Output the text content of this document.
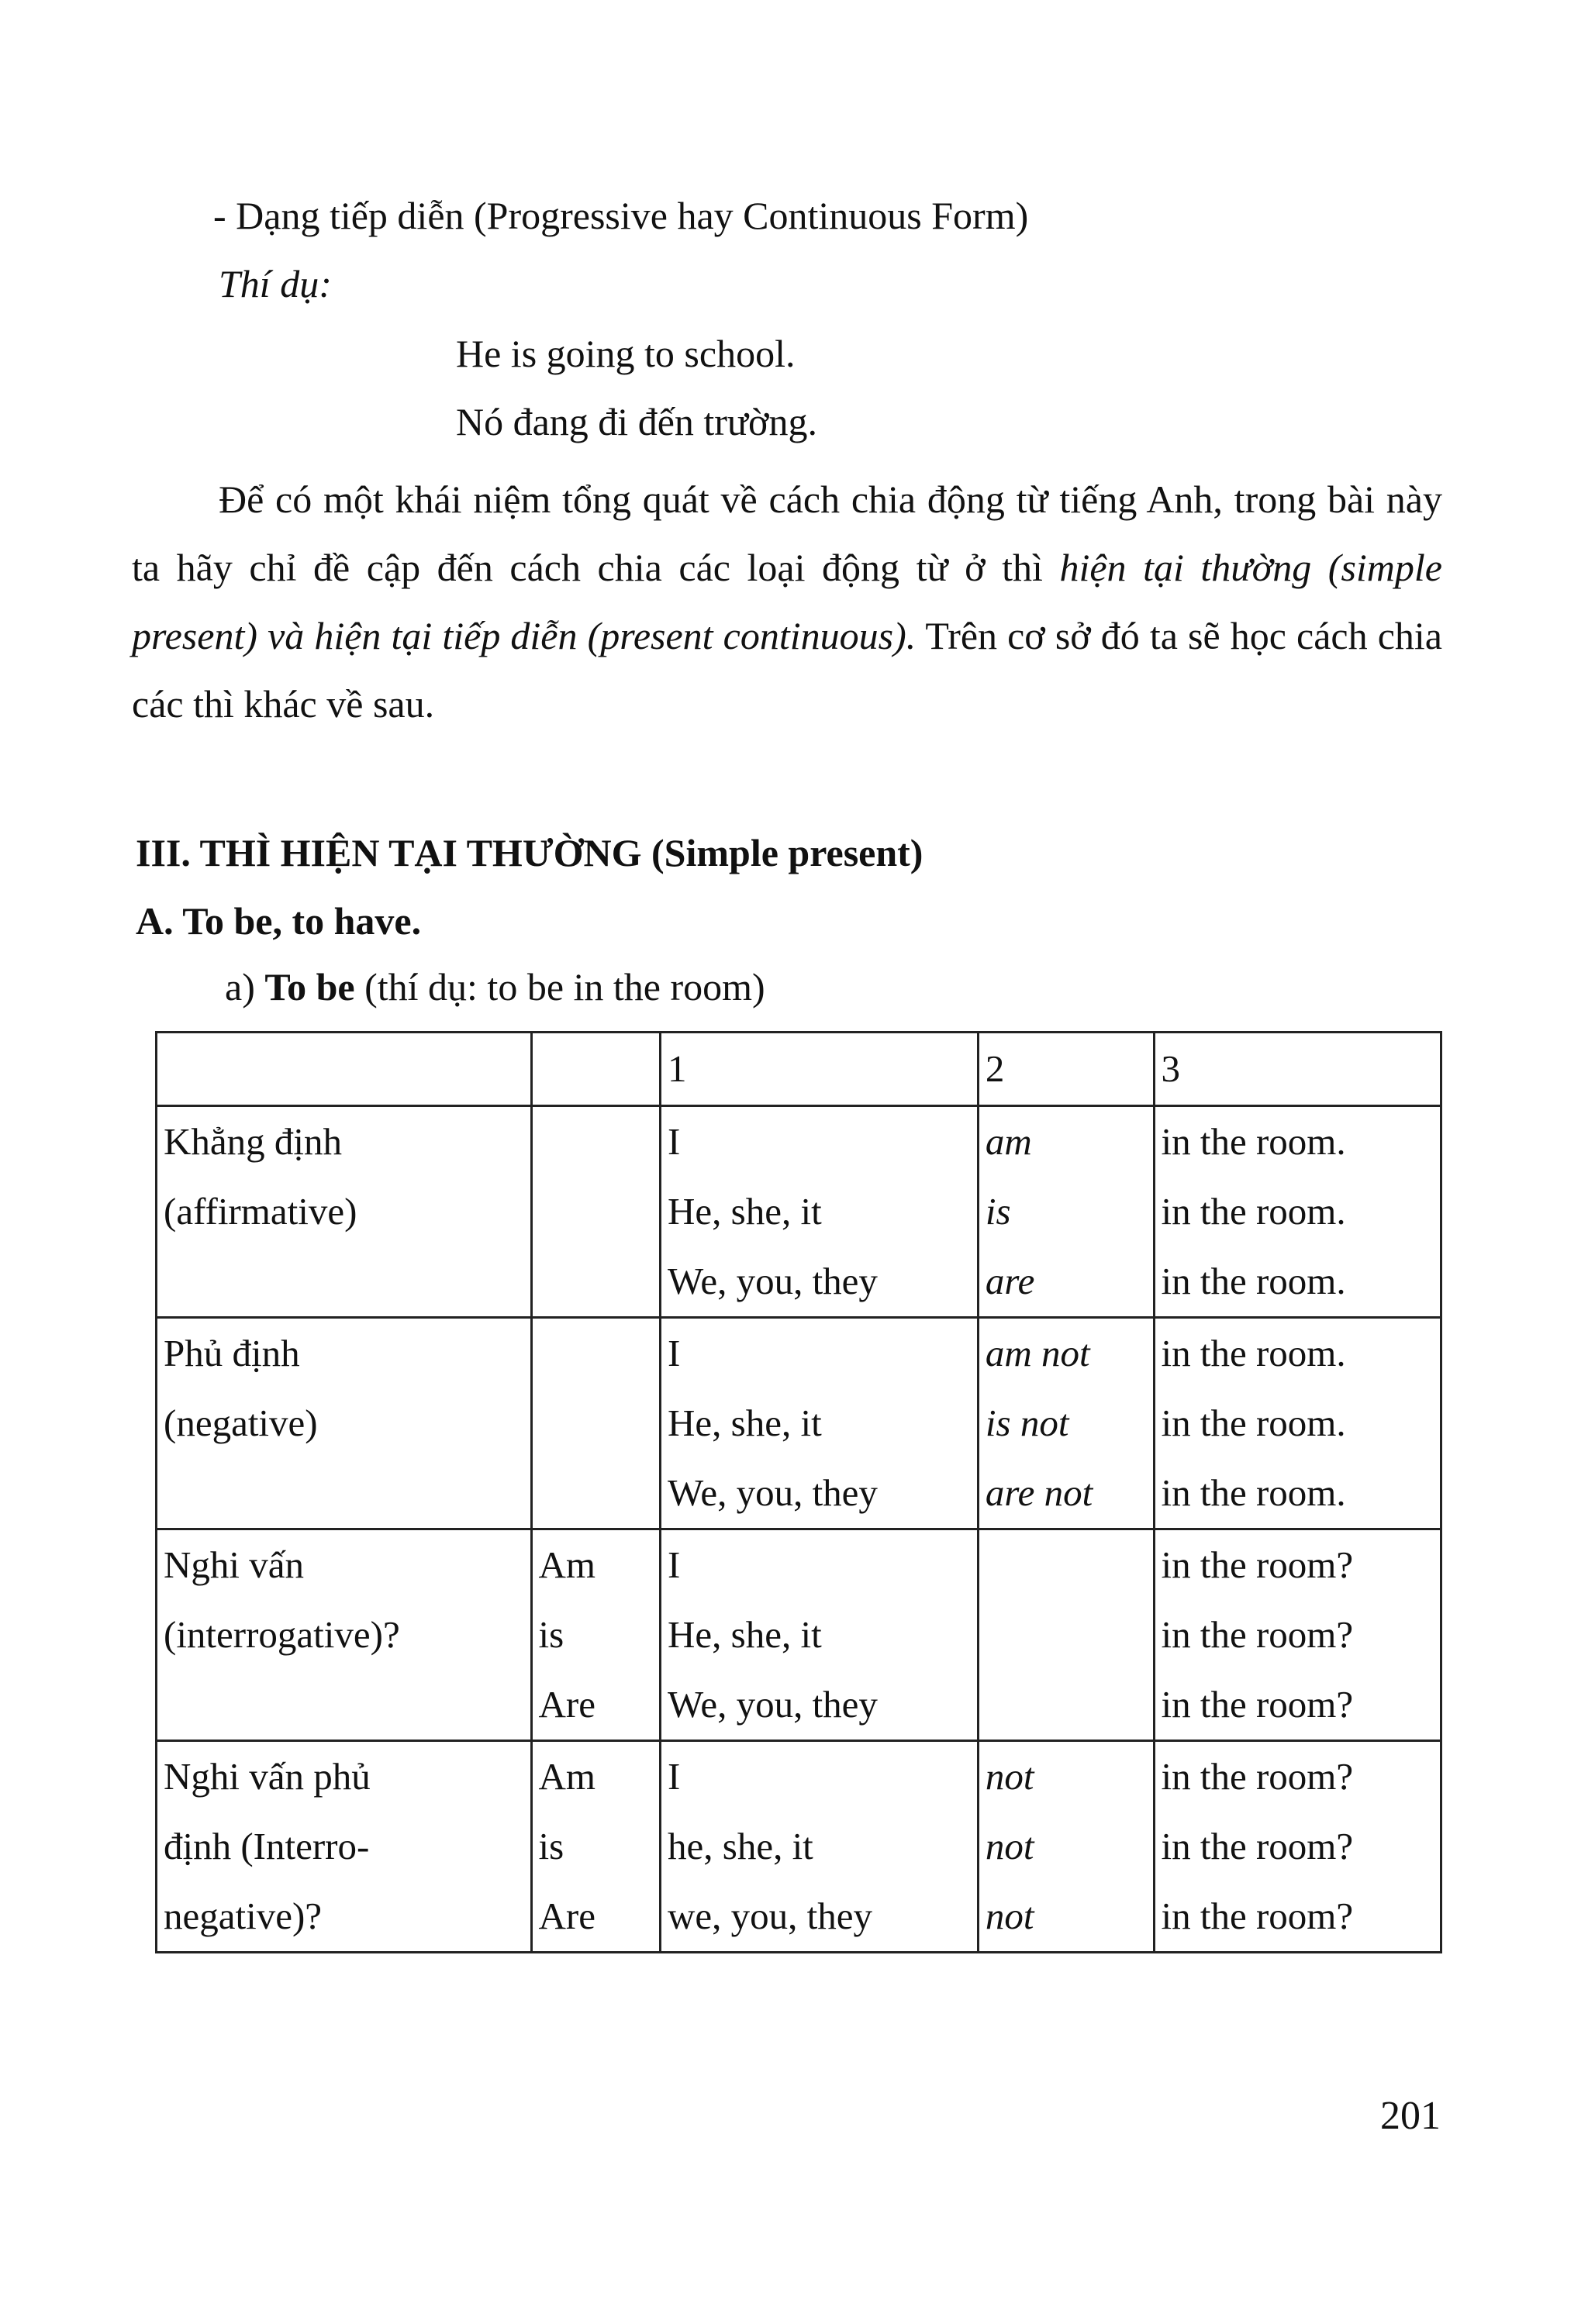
- Dạng tiếp diễn (Progressive hay Continuous Form)
Thí dụ:
He is going to school.
Nó đang đi đến trường.
Để có một khái niệm tổng quát về cách chia động từ tiếng Anh, trong bài này ta hãy chỉ đề cập đến cách chia các loại động từ ở thì hiện tại thường (simple present) và hiện tại tiếp diễn (present continuous). Trên cơ sở đó ta sẽ học cách chia các thì khác về sau.
III. THÌ HIỆN TẠI THƯỜNG (Simple present)
A. To be, to have.
a) To be (thí dụ: to be in the room)
		1	2	3

Khẳng định
(affirmative)		I
He, she, it
We, you, they	am
is
are	in the room.
in the room.
in the room.

Phủ định
(negative)		I
He, she, it
We, you, they	am not
is not
are not	in the room.
in the room.
in the room.

Nghi vấn
(interrogative)?	Am
is
Are	I
He, she, it
We, you, they		in the room?
in the room?
in the room?

Nghi vấn phủ
định (Interro-
negative)?	Am
is
Are	I
he, she, it
we, you, they	not
not
not	in the room?
in the room?
in the room?
201
